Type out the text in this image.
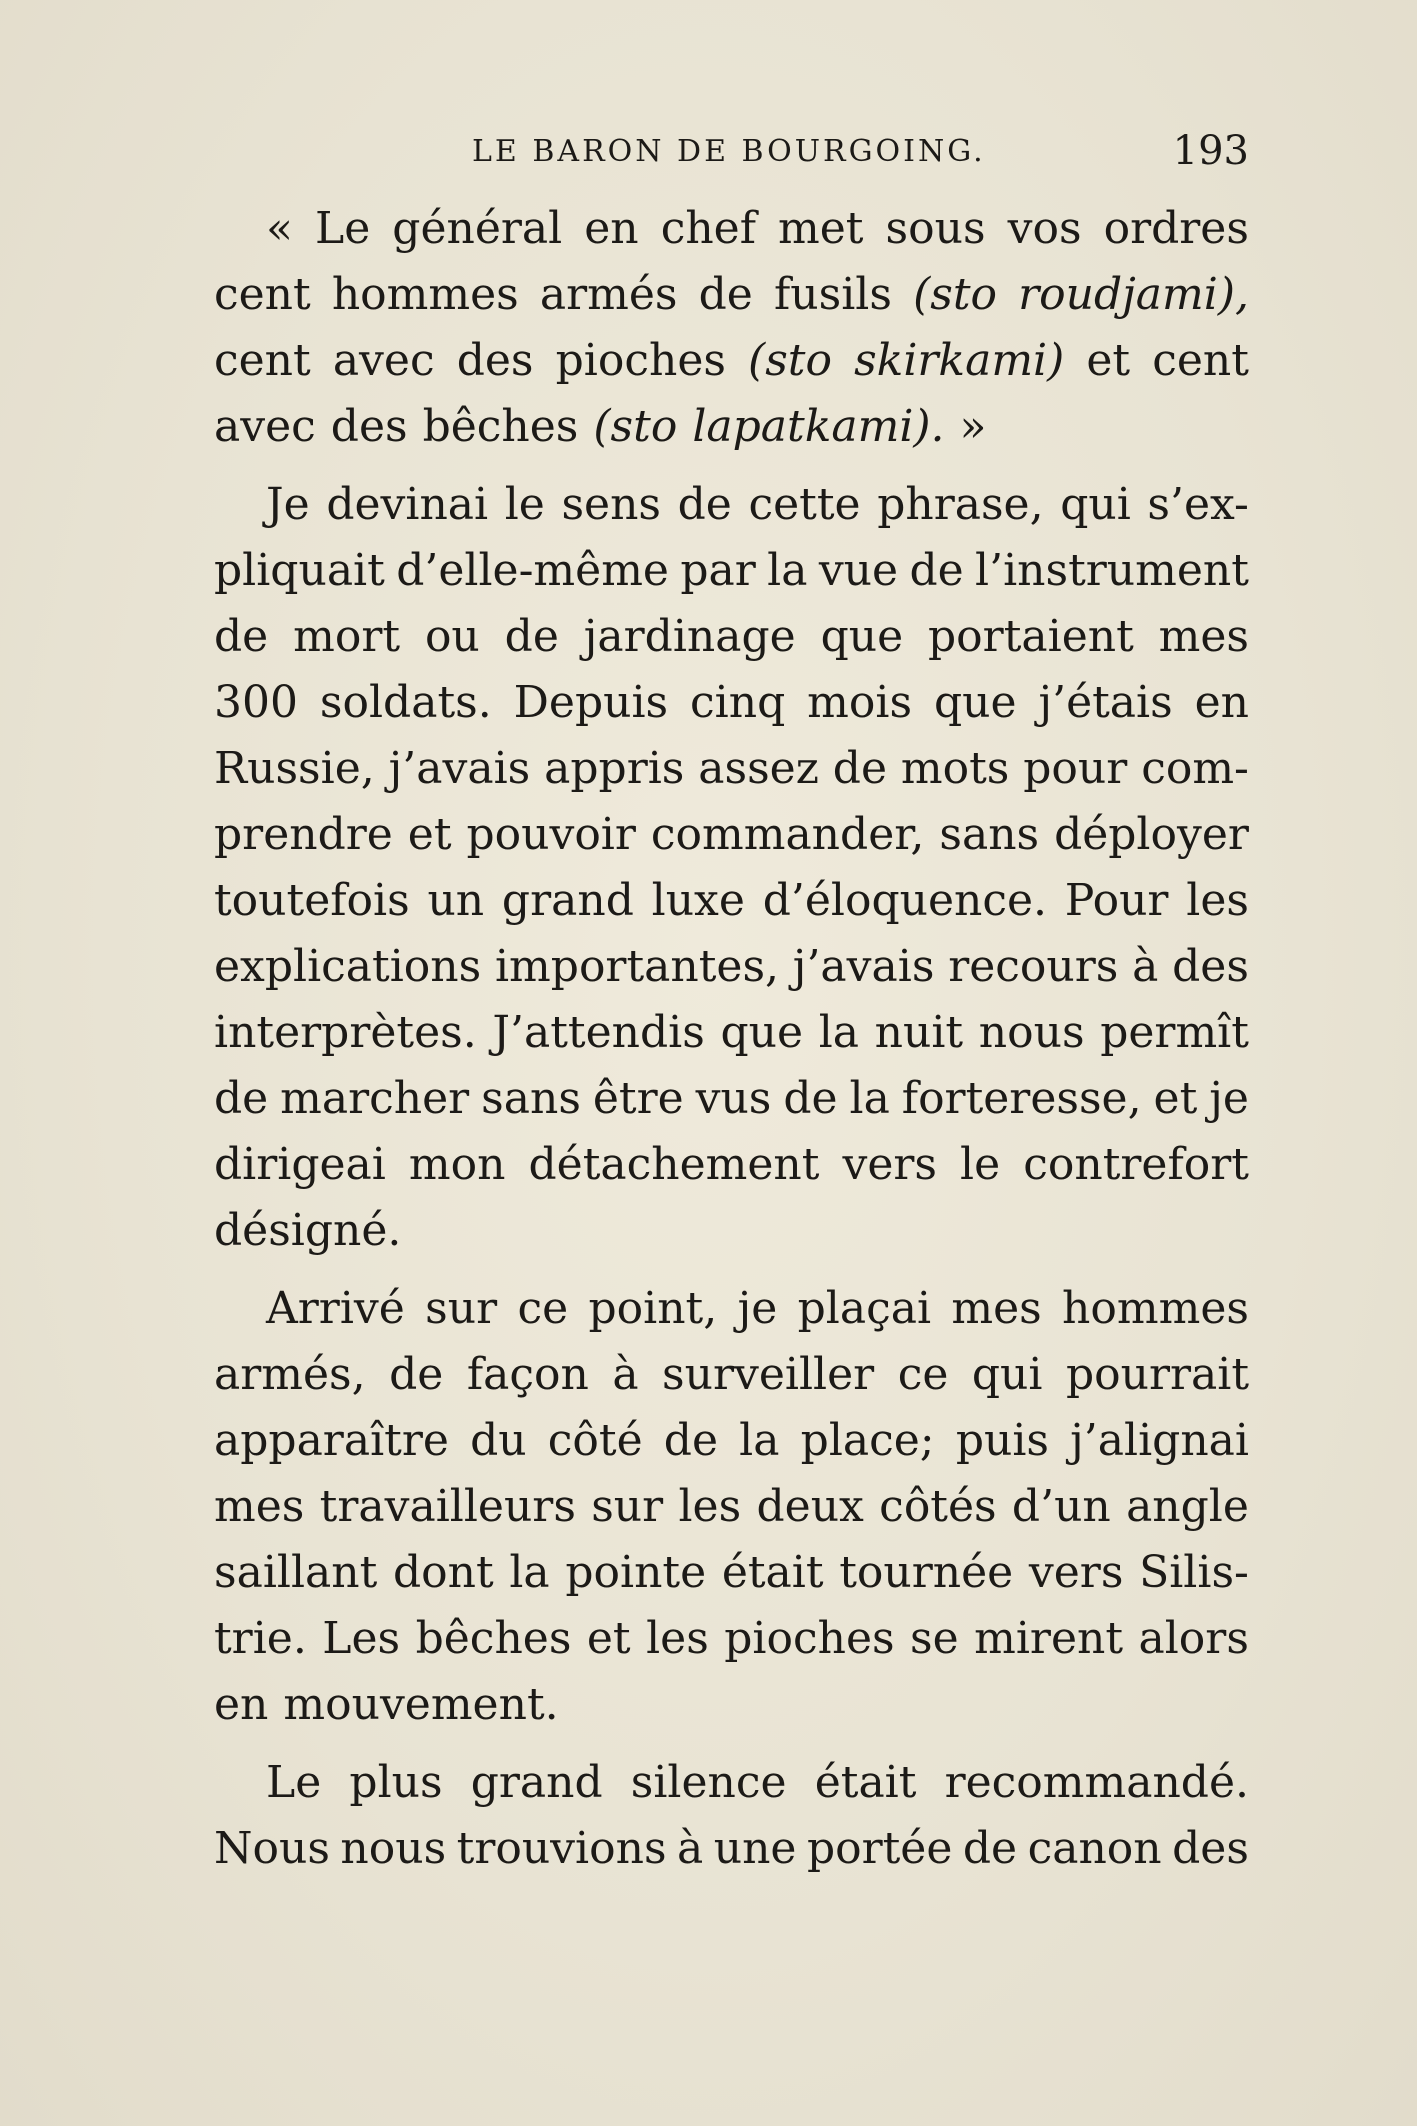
LE BARON DE BOURGOING.	193
« Le général en chef met sous vos ordres
cent hommes armés de fusils (sto roudjami),
cent avec des pioches (sto skirkami) et cent
avec des bêches (sto lapatkami). »
Je devinai le sens de cette phrase, qui s’ex-
pliquait d’elle-même par la vue de l’instrument
de mort ou de jardinage que portaient mes
300 soldats. Depuis cinq mois que j’étais en
Russie, j’avais appris assez de mots pour com-
prendre et pouvoir commander, sans déployer
toutefois un grand luxe d’éloquence. Pour les
explications importantes, j’avais recours à des
interprètes. J’attendis que la nuit nous permît
de marcher sans être vus de la forteresse, et je
dirigeai mon détachement vers le contrefort
désigné.
Arrivé sur ce point, je plaçai mes hommes
armés, de façon à surveiller ce qui pourrait
apparaître du côté de la place; puis j’alignai
mes travailleurs sur les deux côtés d’un angle
saillant dont la pointe était tournée vers Silis-
trie. Les bêches et les pioches se mirent alors
en mouvement.
Le plus grand silence était recommandé.
Nous nous trouvions à une portée de canon des
